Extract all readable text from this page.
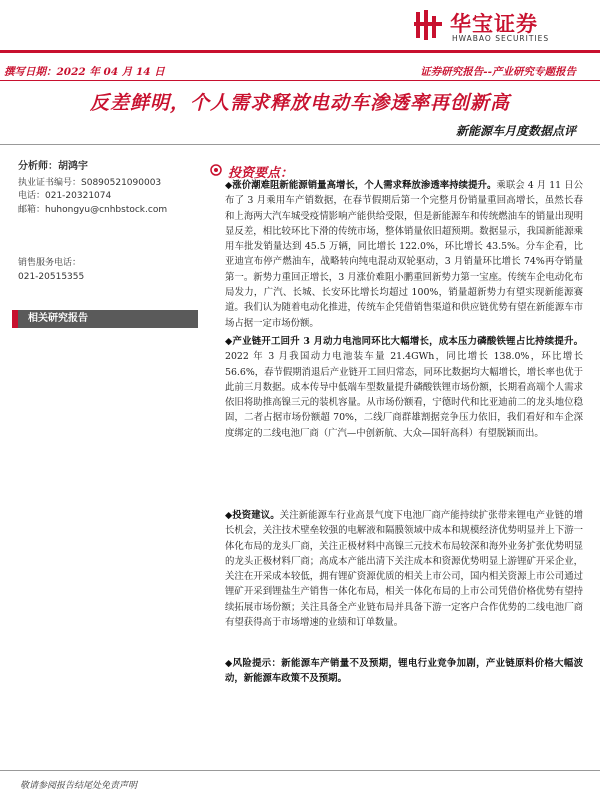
华宝证券
HWABAO SECURITIES
撰写日期：2022 年 04 月 14 日	证券研究报告--产业研究专题报告
反差鲜明，个人需求释放电动车渗透率再创新高
新能源车月度数据点评
分析师：胡鸿宇
执业证书编号：S0890521090003
电话：021-20321074
邮箱：huhongyu@cnhbstock.com
销售服务电话：
021-20515355
相关研究报告
投资要点：
◆涨价潮难阻新能源销量高增长，个人需求释放渗透率持续提升。乘联会 4 月 11 日公布了 3 月乘用车产销数据，在春节假期后第一个完整月份销量重回高增长，虽然长春和上海两大汽车城受疫情影响产能供给受限，但是新能源车和传统燃油车的销量出现明显反差，相比较环比下滑的传统市场，整体销量依旧超预期。数据显示，我国新能源乘用车批发销量达到 45.5 万辆，同比增长 122.0%，环比增长 43.5%。分车企看，比亚迪宣布停产燃油车，战略转向纯电混动双轮驱动，3 月销量环比增长 74%再夺销量第一。新势力重回正增长，3 月涨价难阻小鹏重回新势力第一宝座。传统车企电动化布局发力，广汽、长城、长安环比增长均超过 100%，销量超新势力有望实现新能源赛道。我们认为随着电动化推进，传统车企凭借销售渠道和供应链优势有望在新能源车市场占据一定市场份额。
◆产业链开工回升 3 月动力电池同环比大幅增长，成本压力磷酸铁锂占比持续提升。2022 年 3 月我国动力电池装车量 21.4GWh，同比增长 138.0%，环比增长 56.6%，春节假期消退后产业链开工回归常态，同环比数据均大幅增长，增长率也优于此前三月数据。成本传导中低端车型数量提升磷酸铁锂市场份额，长期看高端个人需求依旧将助推高镍三元的装机容量。从市场份额看，宁德时代和比亚迪前二的龙头地位稳固，二者占据市场份额超 70%，二线厂商群雄割据竞争压力依旧，我们看好和车企深度绑定的二线电池厂商（广汽—中创新航、大众—国轩高科）有望脱颖而出。
◆投资建议。关注新能源车行业高景气度下电池厂商产能持续扩张带来锂电产业链的增长机会，关注技术壁垒较强的电解液和隔膜领域中成本和规模经济优势明显并上下游一体化布局的龙头厂商，关注正极材料中高镍三元技术布局较深和海外业务扩张优势明显的龙头正极材料厂商；高成本产能出清下关注成本和资源优势明显上游锂矿开采企业，关注在开采成本较低，拥有锂矿资源优质的相关上市公司，国内相关资源上市公司通过锂矿开采到锂盐生产销售一体化布局，相关一体化布局的上市公司凭借价格优势有望持续拓展市场份额；关注具备全产业链布局并具备下游一定客户合作优势的二线电池厂商有望获得高于市场增速的业绩和订单数量。
◆风险提示：新能源车产销量不及预期，锂电行业竞争加剧，产业链原料价格大幅波动，新能源车政策不及预期。
敬请参阅报告结尾处免责声明
